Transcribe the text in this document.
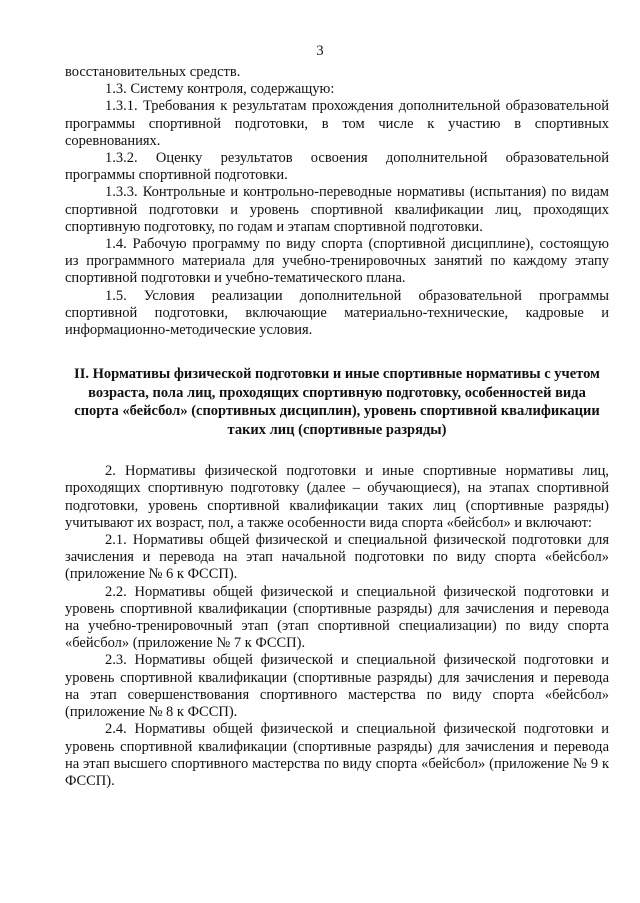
3

восстановительных средств.

1.3. Систему контроля, содержащую:

1.3.1. Требования к результатам прохождения дополнительной образовательной программы спортивной подготовки, в том числе к участию в спортивных соревнованиях.

1.3.2. Оценку результатов освоения дополнительной образовательной программы спортивной подготовки.

1.3.3. Контрольные и контрольно-переводные нормативы (испытания) по видам спортивной подготовки и уровень спортивной квалификации лиц, проходящих спортивную подготовку, по годам и этапам спортивной подготовки.

1.4. Рабочую программу по виду спорта (спортивной дисциплине), состоящую из программного материала для учебно-тренировочных занятий по каждому этапу спортивной подготовки и учебно-тематического плана.

1.5. Условия реализации дополнительной образовательной программы спортивной подготовки, включающие материально-технические, кадровые и информационно-методические условия.

II. Нормативы физической подготовки и иные спортивные нормативы с учетом возраста, пола лиц, проходящих спортивную подготовку, особенностей вида спорта «бейсбол» (спортивных дисциплин), уровень спортивной квалификации таких лиц (спортивные разряды)

2. Нормативы физической подготовки и иные спортивные нормативы лиц, проходящих спортивную подготовку (далее – обучающиеся), на этапах спортивной подготовки, уровень спортивной квалификации таких лиц (спортивные разряды) учитывают их возраст, пол, а также особенности вида спорта «бейсбол» и включают:

2.1. Нормативы общей физической и специальной физической подготовки для зачисления и перевода на этап начальной подготовки по виду спорта «бейсбол» (приложение № 6 к ФССП).

2.2. Нормативы общей физической и специальной физической подготовки и уровень спортивной квалификации (спортивные разряды) для зачисления и перевода на учебно-тренировочный этап (этап спортивной специализации) по виду спорта «бейсбол» (приложение № 7 к ФССП).

2.3. Нормативы общей физической и специальной физической подготовки и уровень спортивной квалификации (спортивные разряды) для зачисления и перевода на этап совершенствования спортивного мастерства по виду спорта «бейсбол» (приложение № 8 к ФССП).

2.4. Нормативы общей физической и специальной физической подготовки и уровень спортивной квалификации (спортивные разряды) для зачисления и перевода на этап высшего спортивного мастерства по виду спорта «бейсбол» (приложение № 9 к ФССП).
